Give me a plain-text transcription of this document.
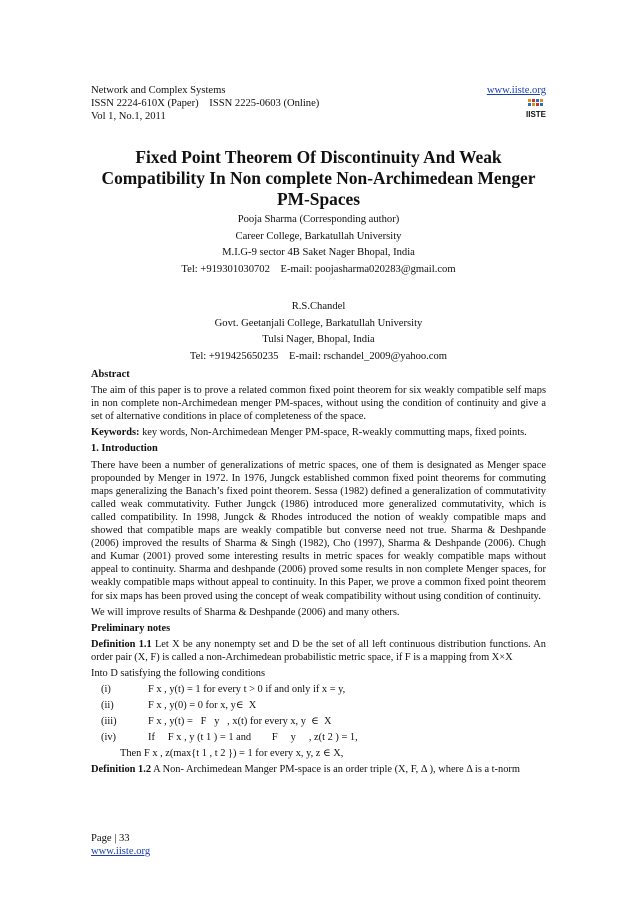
Network and Complex Systems
ISSN 2224-610X (Paper)    ISSN 2225-0603 (Online)
Vol 1, No.1, 2011
www.iiste.org
IISTE
Fixed Point Theorem Of Discontinuity And Weak
Compatibility In Non complete Non-Archimedean Menger
PM-Spaces
Pooja Sharma (Corresponding author)
Career College, Barkatullah University
M.I.G-9 sector 4B Saket Nager Bhopal, India
Tel: +919301030702    E-mail: poojasharma020283@gmail.com
R.S.Chandel
Govt. Geetanjali College, Barkatullah University
Tulsi Nager, Bhopal, India
Tel: +919425650235    E-mail: rschandel_2009@yahoo.com

Abstract

The aim of this paper is to prove a related common fixed point theorem for six weakly compatible self maps in non complete non-Archimedean menger PM-spaces, without using the condition of continuity and give a set of alternative conditions in place of completeness of the space.

Keywords: key words, Non-Archimedean Menger PM-space, R-weakly commutting maps, fixed points.

1. Introduction

There have been a number of generalizations of metric spaces, one of them is designated as Menger space propounded by Menger in 1972. In 1976, Jungck established common fixed point theorems for commuting maps generalizing the Banach’s fixed point theorem. Sessa (1982) defined a generalization of commutativity called weak commutativity. Futher Jungck (1986) introduced more generalized commutativity, which is called compatibility. In 1998, Jungck & Rhodes introduced the notion of weakly compatible maps and showed that compatible maps are weakly compatible but converse need not true. Sharma & Deshpande (2006) improved the results of Sharma & Singh (1982), Cho (1997), Sharma & Deshpande (2006). Chugh and Kumar (2001) proved some interesting results in metric spaces for weakly compatible maps without appeal to continuity. Sharma and deshpande (2006) proved some results in non complete Menger spaces, for weakly compatible maps without appeal to continuity. In this Paper, we prove a common fixed point theorem for six maps has been proved using the concept of weak compatibility without using condition of continuity.

We will improve results of Sharma & Deshpande (2006) and many others.

Preliminary notes

Definition 1.1 Let X be any nonempty set and D be the set of all left continuous distribution functions. An order pair (X, F) is called a non-Archimedean probabilistic metric space, if F is a mapping from X×X

Into D satisfying the following conditions

(i)	F x , y(t) = 1 for every t > 0 if and only if x = y,
(ii)	F x , y(0) = 0 for x, y∈  X
(iii)	F x , y(t) =   F   y   , x(t) for every x, y  ∈  X
(iv)	If     F x , y (t 1 ) = 1 and        F     y     , z(t 2 ) = 1,
Then F x , z(max{t 1 , t 2 }) = 1 for every x, y, z ∈ X,

Definition 1.2 A Non- Archimedean Manger PM-space is an order triple (X, F, Δ ), where Δ is a t-norm

Page | 33
www.iiste.org
